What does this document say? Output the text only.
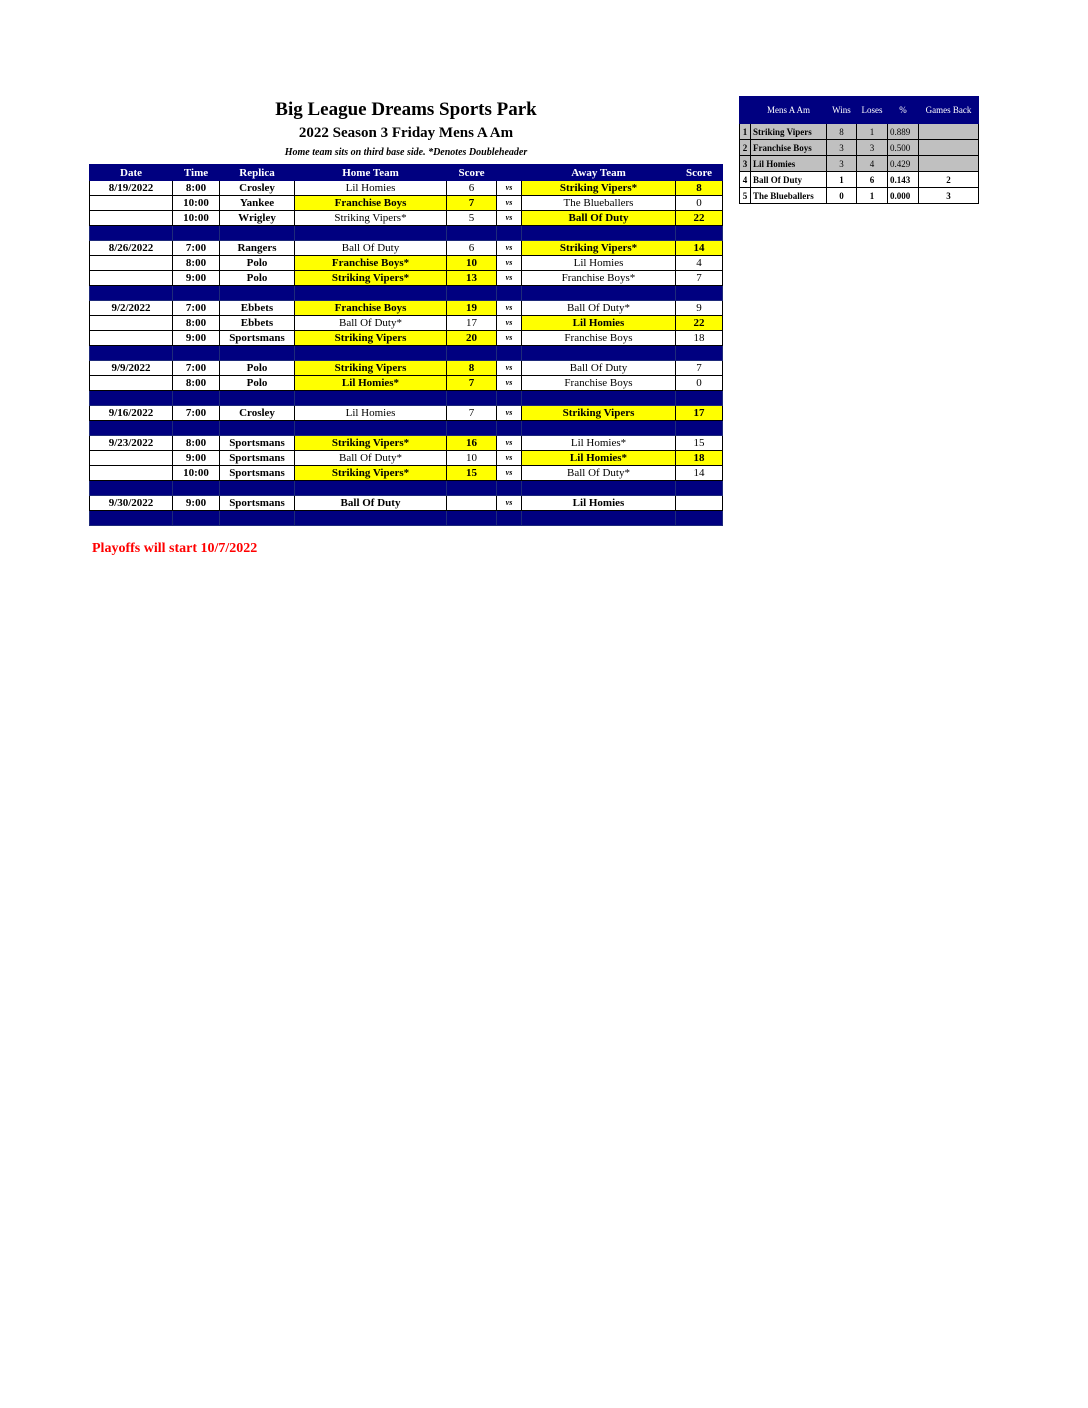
Big League Dreams Sports Park
2022 Season 3 Friday Mens A Am
Home team sits on third base side. *Denotes Doubleheader
Date	Time	Replica	Home Team	Score		Away Team	Score
8/19/2022	8:00	Crosley	Lil Homies	6	vs	Striking Vipers*	8
	10:00	Yankee	Franchise Boys	7	vs	The Blueballers	0
	10:00	Wrigley	Striking Vipers*	5	vs	Ball Of Duty	22

8/26/2022	7:00	Rangers	Ball Of Duty	6	vs	Striking Vipers*	14
	8:00	Polo	Franchise Boys*	10	vs	Lil Homies	4
	9:00	Polo	Striking Vipers*	13	vs	Franchise Boys*	7

9/2/2022	7:00	Ebbets	Franchise Boys	19	vs	Ball Of Duty*	9
	8:00	Ebbets	Ball Of Duty*	17	vs	Lil Homies	22
	9:00	Sportsmans	Striking Vipers	20	vs	Franchise Boys	18

9/9/2022	7:00	Polo	Striking Vipers	8	vs	Ball Of Duty	7
	8:00	Polo	Lil Homies*	7	vs	Franchise Boys	0

9/16/2022	7:00	Crosley	Lil Homies	7	vs	Striking Vipers	17

9/23/2022	8:00	Sportsmans	Striking Vipers*	16	vs	Lil Homies*	15
	9:00	Sportsmans	Ball Of Duty*	10	vs	Lil Homies*	18
	10:00	Sportsmans	Striking Vipers*	15	vs	Ball Of Duty*	14

9/30/2022	9:00	Sportsmans	Ball Of Duty		vs	Lil Homies	

Playoffs will start 10/7/2022
	Mens A Am	Wins	Loses	%	Games Back
1	Striking Vipers	8	1	0.889	
2	Franchise Boys	3	3	0.500	
3	Lil Homies	3	4	0.429	
4	Ball Of Duty	1	6	0.143	2
5	The Blueballers	0	1	0.000	3
